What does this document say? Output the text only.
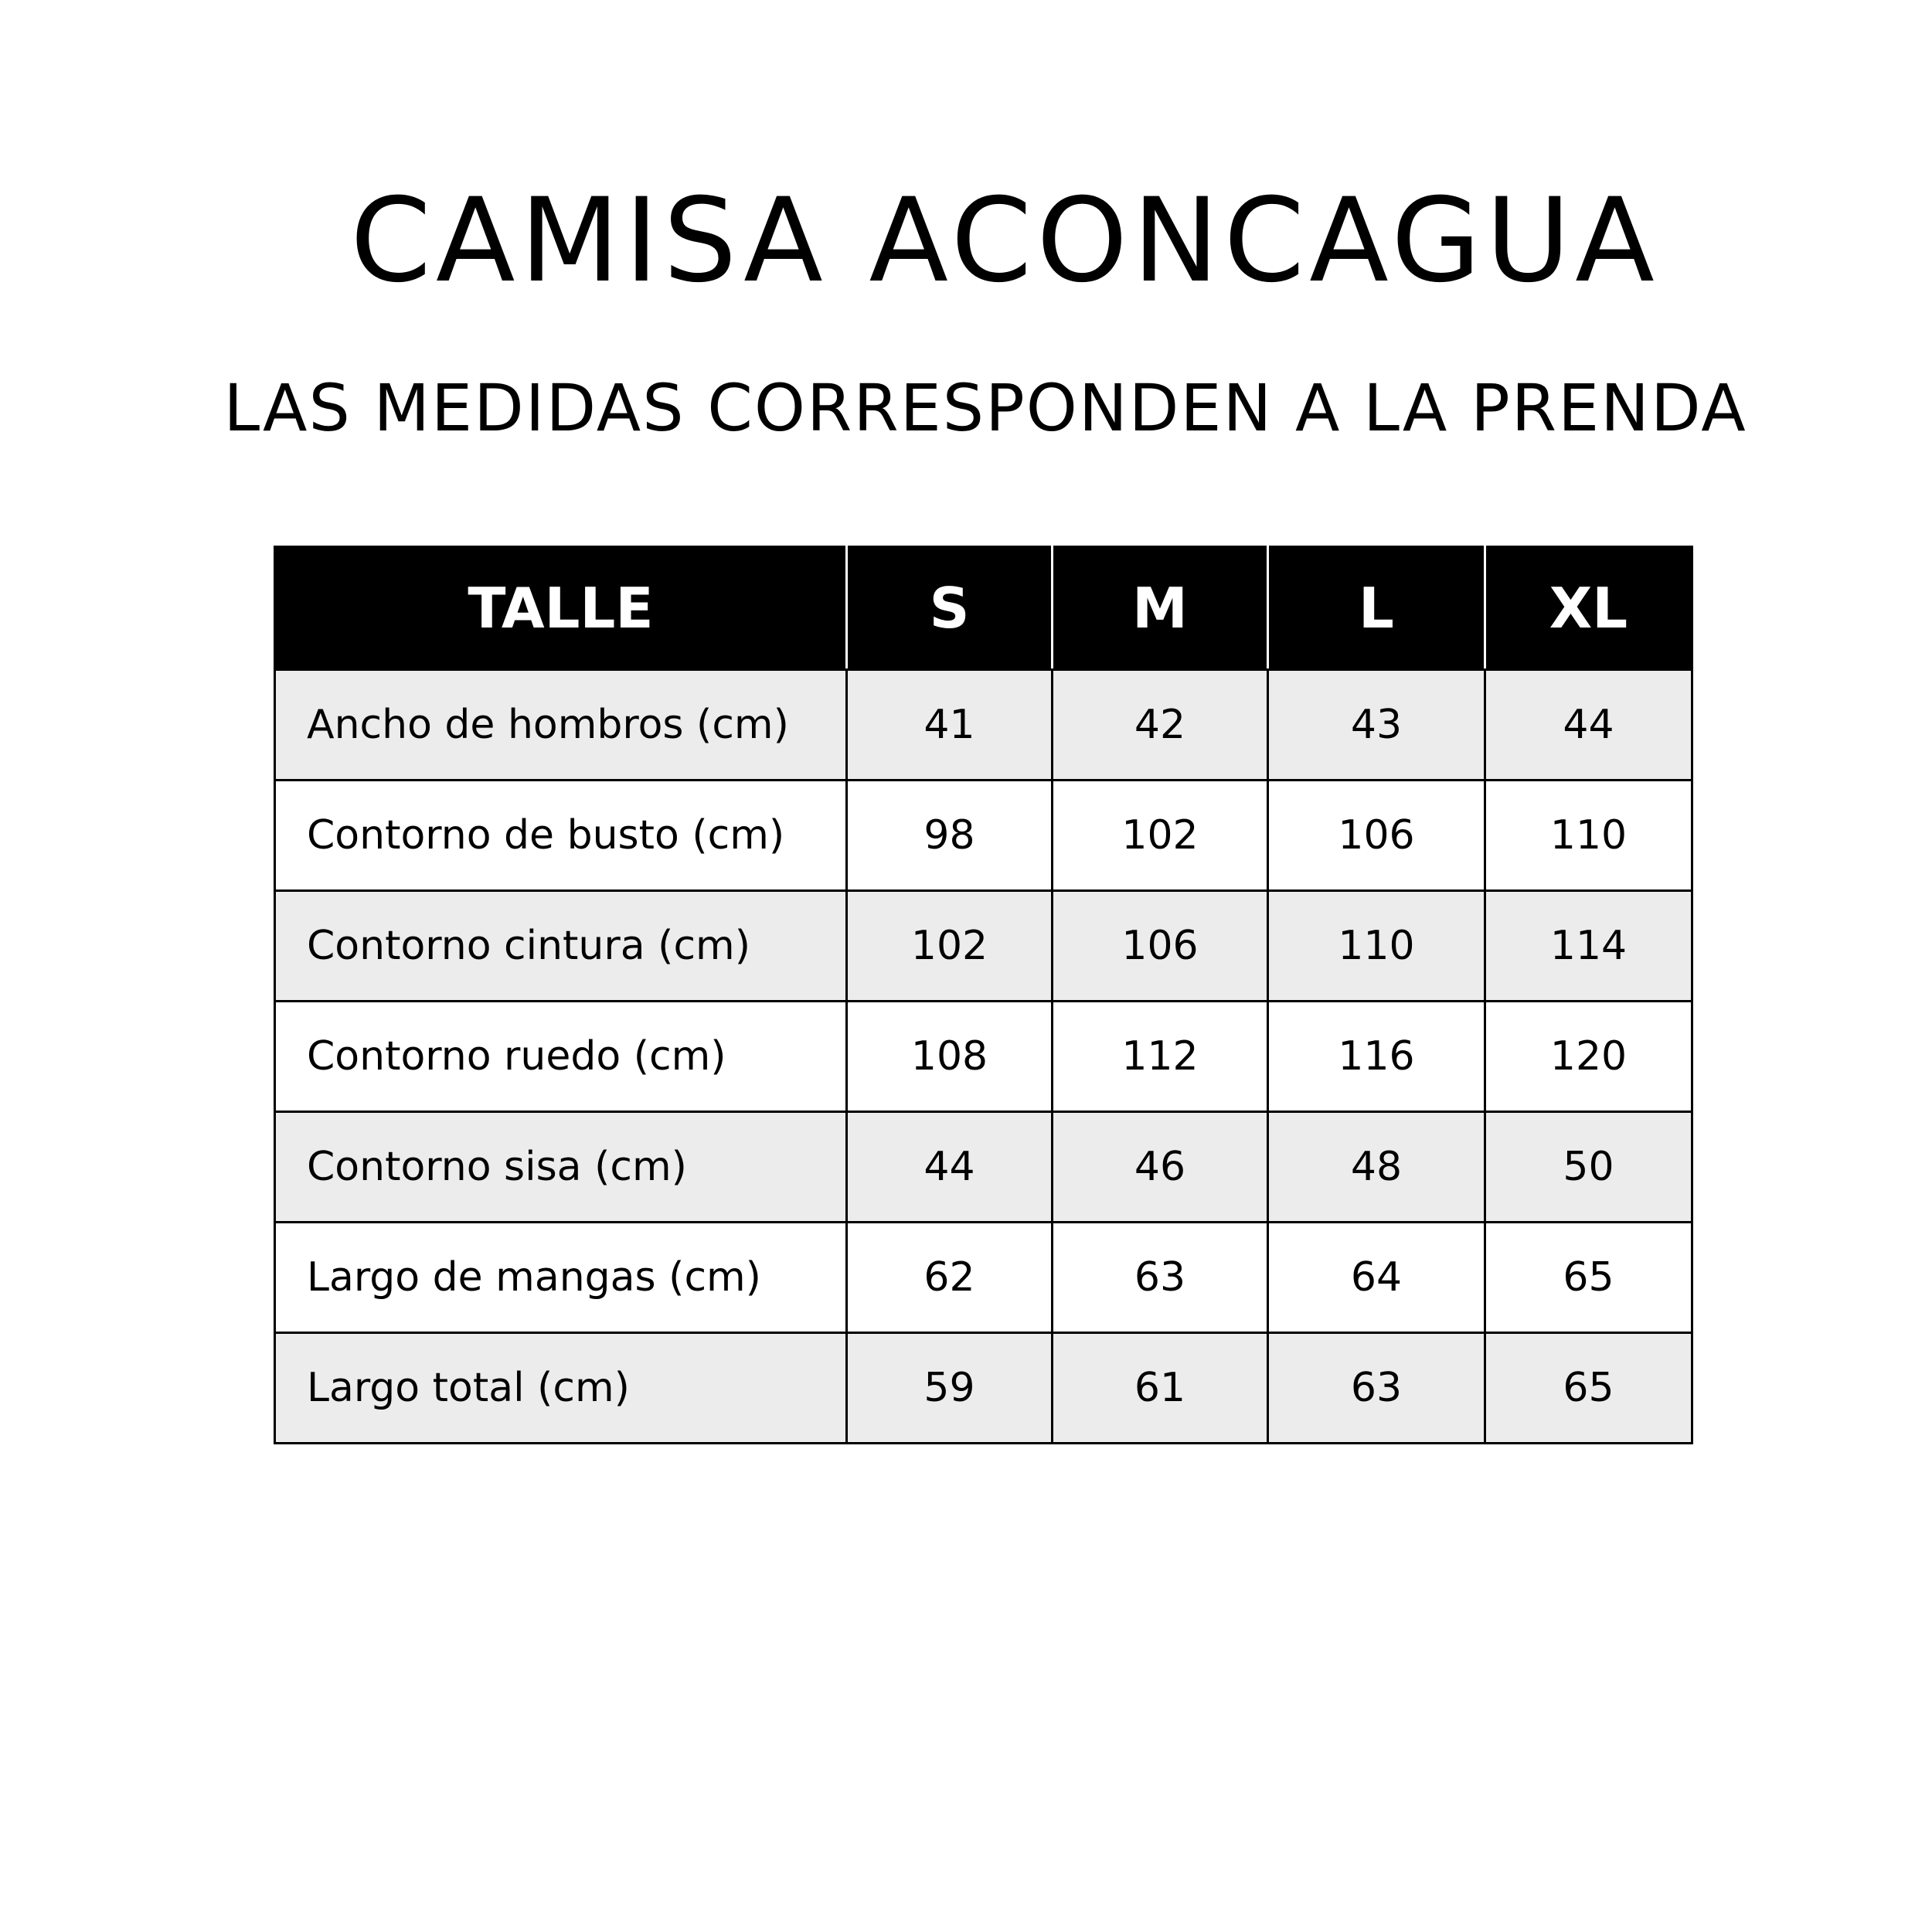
CAMISA ACONCAGUA
LAS MEDIDAS CORRESPONDEN A LA PRENDA
TALLE	S	M	L	XL
Ancho de hombros (cm)	41	42	43	44
Contorno de busto (cm)	98	102	106	110
Contorno cintura (cm)	102	106	110	114
Contorno ruedo (cm)	108	112	116	120
Contorno sisa (cm)	44	46	48	50
Largo de mangas (cm)	62	63	64	65
Largo total (cm)	59	61	63	65
